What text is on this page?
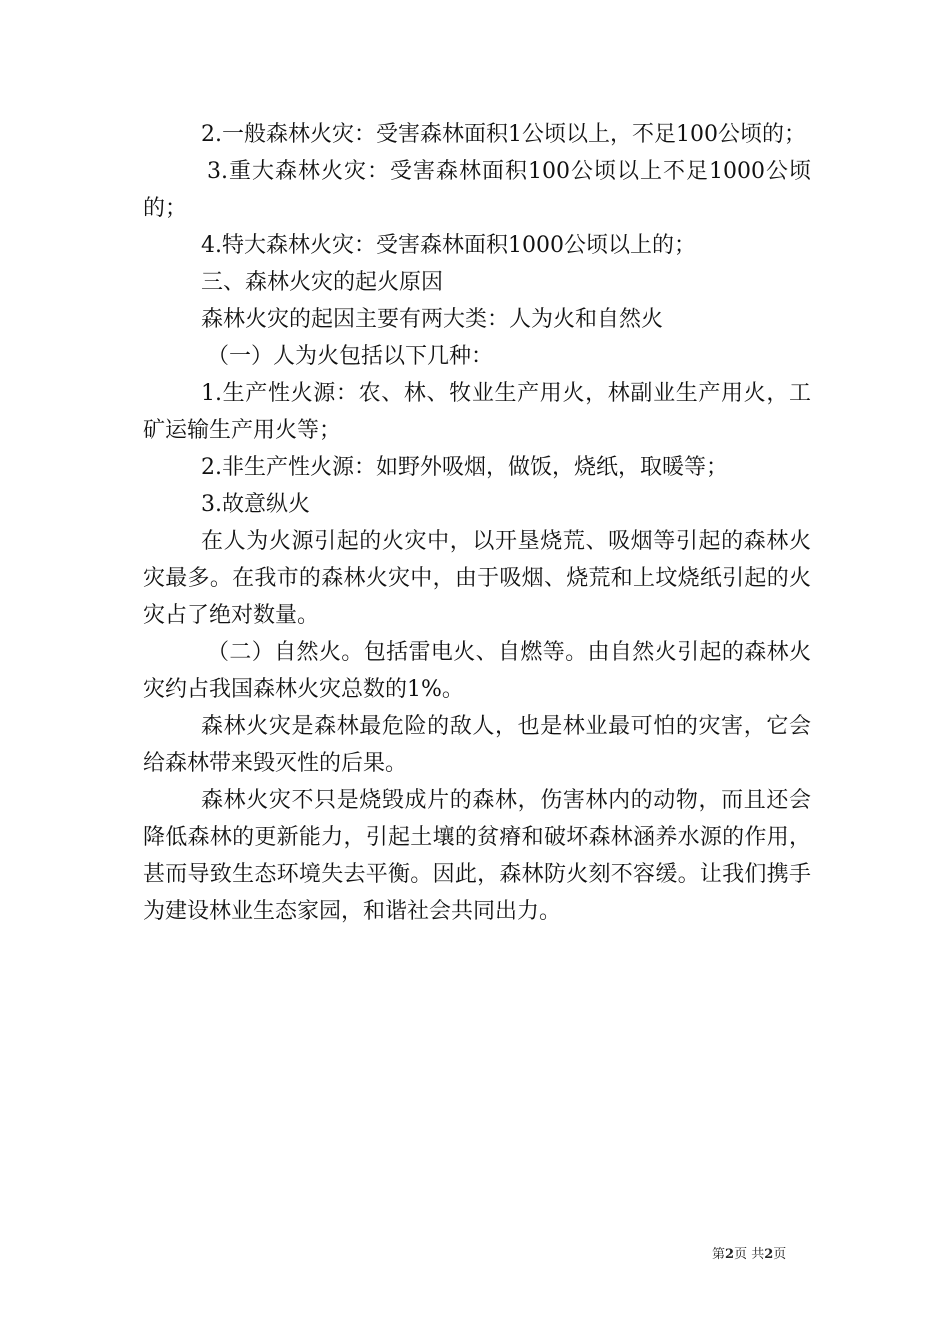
2.一般森林火灾：受害森林面积1公顷以上，不足100公顷的；

3.重大森林火灾：受害森林面积100公顷以上不足1000公顷的；

4.特大森林火灾：受害森林面积1000公顷以上的；

三、森林火灾的起火原因

森林火灾的起因主要有两大类：人为火和自然火

（一）人为火包括以下几种：

1.生产性火源：农、林、牧业生产用火，林副业生产用火，工矿运输生产用火等；

2.非生产性火源：如野外吸烟，做饭，烧纸，取暖等；

3.故意纵火

在人为火源引起的火灾中，以开垦烧荒、吸烟等引起的森林火灾最多。在我市的森林火灾中，由于吸烟、烧荒和上坟烧纸引起的火灾占了绝对数量。

（二）自然火。包括雷电火、自燃等。由自然火引起的森林火灾约占我国森林火灾总数的1%。

森林火灾是森林最危险的敌人，也是林业最可怕的灾害，它会给森林带来毁灭性的后果。

森林火灾不只是烧毁成片的森林，伤害林内的动物，而且还会降低森林的更新能力，引起土壤的贫瘠和破坏森林涵养水源的作用，甚而导致生态环境失去平衡。因此，森林防火刻不容缓。让我们携手为建设林业生态家园，和谐社会共同出力。

第2页 共2页
